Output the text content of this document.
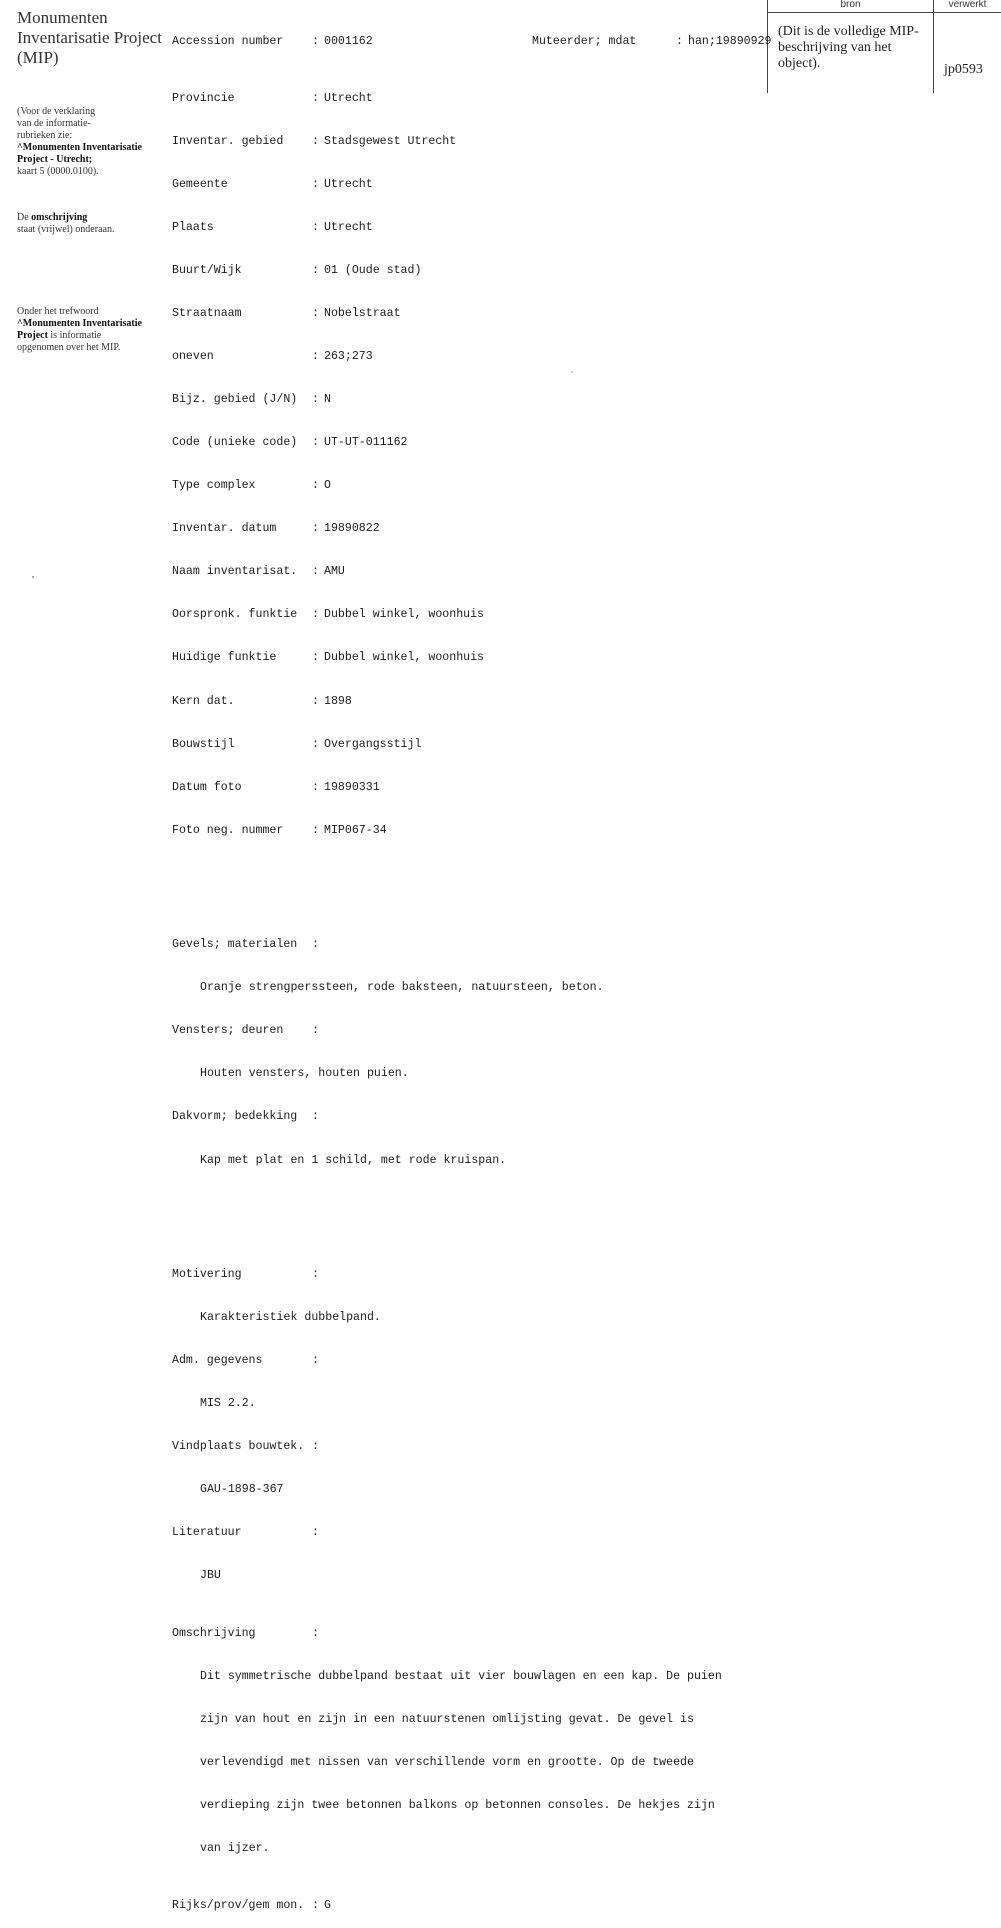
Monumenten Inventarisatie Project (MIP)
(Voor de verklaring
van de informatie-
rubrieken zie:
^Monumenten Inventarisatie
Project - Utrecht;
kaart 5 (0000.0100).
De omschrijving
staat (vrijwel) onderaan.
Onder het trefwoord
^Monumenten Inventarisatie
Project is informatie
opgenomen over het MIP.
bron	verwerkt
(Dit is de volledige MIP-beschrijving van het object).	jp0593

Accession number : 0001162	Muteerder; mdat	: han;19890929

Provincie	: Utrecht

Inventar. gebied : Stadsgewest Utrecht

Gemeente	: Utrecht

Plaats	: Utrecht

Buurt/Wijk	: 01 (Oude stad)

Straatnaam	: Nobelstraat

oneven	: 263;273

Bijz. gebied (J/N) : N

Code (unieke code) : UT-UT-011162

Type complex	: O

Inventar. datum	: 19890822

Naam inventarisat. : AMU

Oorspronk. funktie : Dubbel winkel, woonhuis

Huidige funktie	: Dubbel winkel, woonhuis

Kern dat.	: 1898

Bouwstijl	: Overgangsstijl

Datum foto	: 19890331

Foto neg. nummer : MIP067-34

Gevels; materialen :

Oranje strengperssteen, rode baksteen, natuursteen, beton.

Vensters; deuren :

Houten vensters, houten puien.

Dakvorm; bedekking :

Kap met plat en 1 schild, met rode kruispan.

Motivering	:

Karakteristiek dubbelpand.

Adm. gegevens	:

MIS 2.2.

Vindplaats bouwtek. :

GAU-1898-367

Literatuur	:

JBU

Omschrijving	:

Dit symmetrische dubbelpand bestaat uit vier bouwlagen en een kap. De puien

zijn van hout en zijn in een natuurstenen omlijsting gevat. De gevel is

verlevendigd met nissen van verschillende vorm en grootte. Op de tweede

verdieping zijn twee betonnen balkons op betonnen consoles. De hekjes zijn

van ijzer.

Rijks/prov/gem mon. : G
